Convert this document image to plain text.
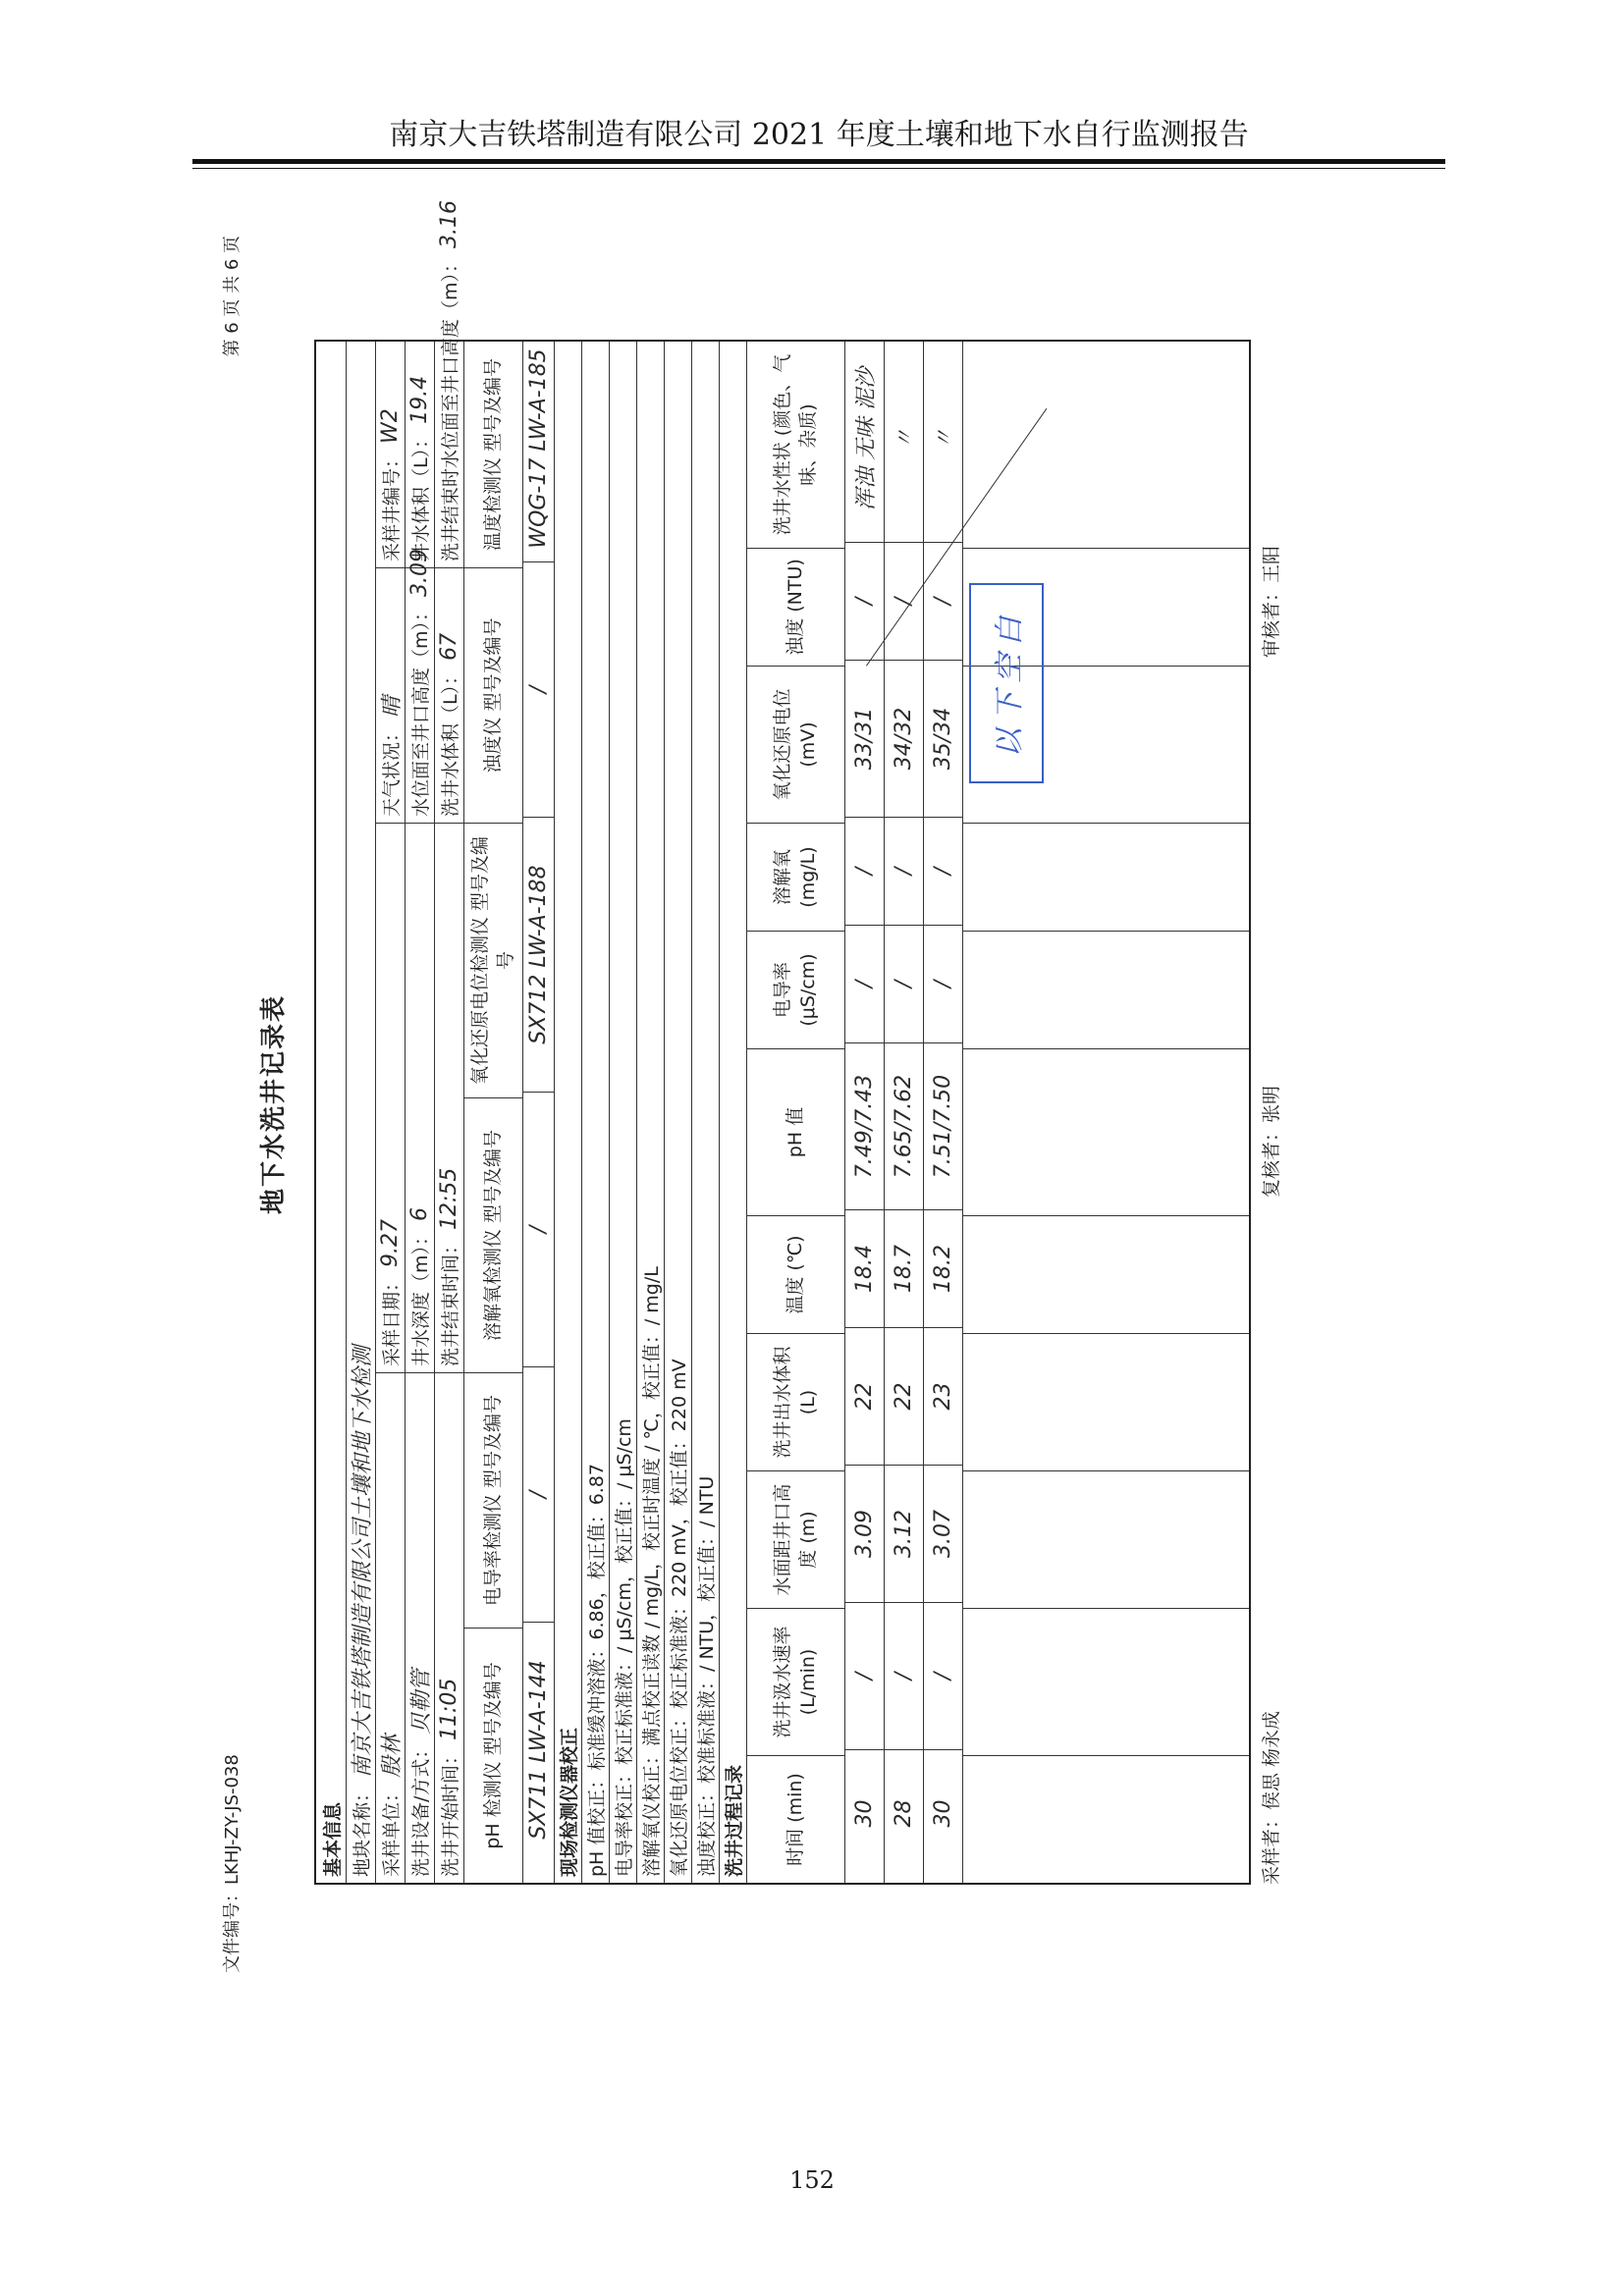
南京大吉铁塔制造有限公司 2021 年度土壤和地下水自行监测报告
文件编号：LKHJ-ZY-JS-038
第 6 页 共 6 页
地下水洗井记录表
基本信息 地块名称：
南京大吉铁塔制造有限公司土壤和地下水检测
采样单位：
殷林
采样日期：
9.27
天气状况：
晴
采样井编号：
W2
洗井设备/方式：
贝勒管
井水深度（m）：
6
水位面至井口高度（m）：
3.09
井水体积（L）：
19.4
洗井开始时间：
11:05
洗井结束时间：
12:55
洗井水体积（L）：
67
洗井结束时水位面至井口高度（m）：
3.16
pH 检测仪 型号及编号
电导率检测仪 型号及编号
溶解氧检测仪 型号及编号
氧化还原电位检测仪 型号及编号
浊度仪 型号及编号
温度检测仪 型号及编号
SX711 LW-A-144
/
/
SX712 LW-A-188
/
WQG-17 LW-A-185
现场检测仪器校正 pH 值校正：标准缓冲溶液：6.86，校正值：6.87 电导率校正：校正标准液：/ μS/cm，校正值：/ μS/cm 溶解氧仪校正：满点校正读数 / mg/L，校正时温度 / ℃，校正值：/ mg/L 氧化还原电位校正：校正标准液：220 mV，校正值：220 mV 浊度校正：校准标准液：/ NTU，校正值：/ NTU 洗井过程记录	时间 (min)
洗井汲水速率 (L/min)
水面距井口高度 (m)
洗井出水体积 (L)
温度 (℃)
pH 值
电导率 (μS/cm)
溶解氧 (mg/L)
氧化还原电位 (mV)
浊度 (NTU)
洗井水性状 (颜色、气味、杂质)
30
/
3.09
22
18.4
7.49/7.43
/
/
33/31
/
浑浊 无味 泥沙
28
/
3.12
22
18.7
7.65/7.62
/
/
34/32
/
〃
30
/
3.07
23
18.2
7.51/7.50
/
/
35/34
/
〃
以下空白
采样者：侯思 杨永成
复核者：张明
审核者：王阳
152
